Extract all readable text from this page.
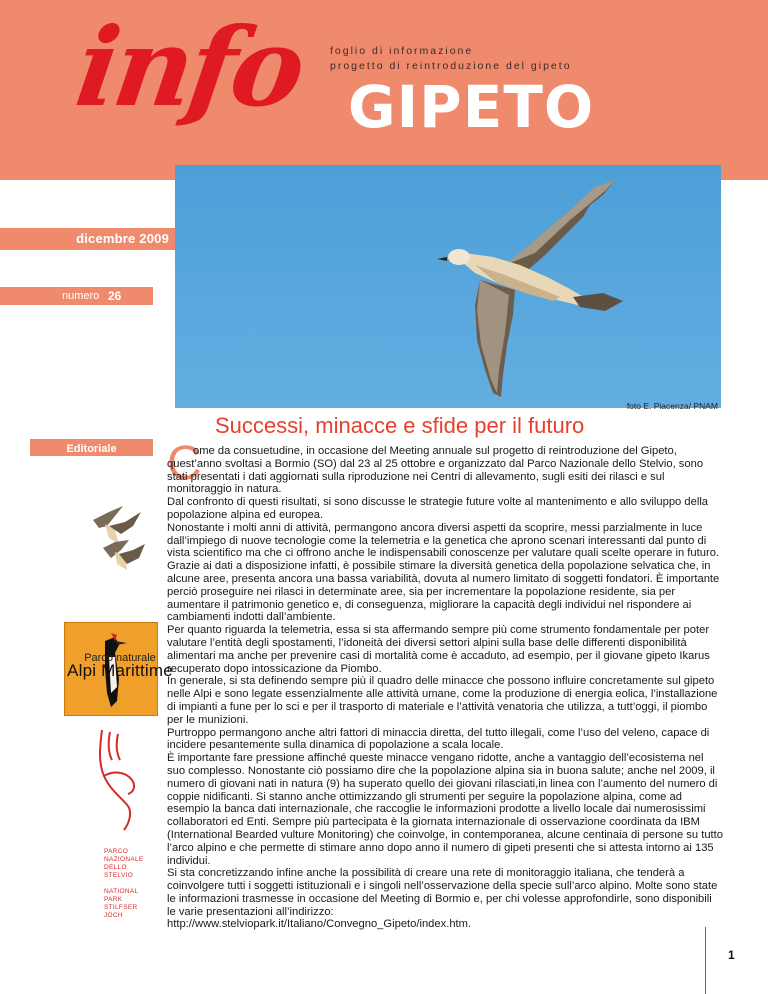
info foglio di informazione
progetto di reintroduzione del gipeto
GIPETO
foto E. Piacenza/ PNAM
dicembre 2009
numero 26
Successi, minacce e sfide per il futuro
Editoriale
Parco naturale
Alpi Marittime
PARCO
NAZIONALE
DELLO
STELVIO

NATIONAL
PARK
STILFSER
JOCH
C

ome da consuetudine, in occasione del Meeting annuale sul progetto di reintroduzione del Gipeto, quest’anno svoltasi a Bormio (SO) dal 23 al 25 ottobre e organizzato dal Parco Nazionale dello Stelvio, sono stati presentati i dati aggiornati sulla riproduzione nei Centri di allevamento, sugli esiti dei rilasci e sul monitoraggio in natura.

Dal confronto di questi risultati, si sono discusse le strategie future volte al mantenimento e allo sviluppo della popolazione alpina ed europea.

Nonostante i molti anni di attività, permangono ancora diversi aspetti da scoprire, messi parzialmente in luce dall’impiego di nuove tecnologie come la telemetria e la genetica che aprono scenari interessanti dal punto di vista scientifico ma che ci offrono anche le indispensabili conoscenze per valutare quali scelte operare in futuro. Grazie ai dati a disposizione infatti, è possibile stimare la diversità genetica della popolazione selvatica che, in alcune aree, presenta ancora una bassa variabilità, dovuta al numero limitato di soggetti fondatori. È importante perciò proseguire nei rilasci in determinate aree, sia per incrementare la popolazione residente, sia per aumentare il patrimonio genetico e, di conseguenza, migliorare la capacità degli individui nel rispondere ai cambiamenti indotti dall’ambiente.

Per quanto riguarda la telemetria, essa si sta affermando sempre più come strumento fondamentale per poter valutare l’entità degli spostamenti, l’idoneità dei diversi settori alpini sulla base delle differenti disponibilità alimentari ma anche per prevenire casi di mortalità come è accaduto, ad esempio, per il giovane gipeto Ikarus recuperato dopo intossicazione da Piombo.

In generale, si sta definendo sempre più il quadro delle minacce che possono influire concretamente sul gipeto nelle Alpi e sono legate essenzialmente alle attività umane, come la produzione di energia eolica, l’installazione di impianti a fune per lo sci e per il trasporto di materiale e l’attività venatoria che utilizza, a tutt’oggi, il piombo per le munizioni.

Purtroppo permangono anche altri fattori di minaccia diretta, del tutto illegali, come l’uso del veleno, capace di incidere pesantemente sulla dinamica di popolazione a scala locale.

È importante fare pressione affinché queste minacce vengano ridotte, anche a vantaggio dell’ecosistema nel suo complesso. Nonostante ciò possiamo dire che la popolazione alpina sia in buona salute; anche nel 2009, il numero di giovani nati in natura (9) ha superato quello dei giovani rilasciati,in linea con l’aumento del numero di coppie nidificanti. Si stanno anche ottimizzando gli strumenti per seguire la popolazione alpina, come ad esempio la banca dati internazionale, che raccoglie le informazioni prodotte a livello locale dai numerosissimi collaboratori ed Enti. Sempre più partecipata è la giornata internazionale di osservazione coordinata da IBM (International Bearded vulture Monitoring) che coinvolge, in contemporanea, alcune centinaia di persone su tutto l’arco alpino e che permette di stimare anno dopo anno il numero di gipeti presenti che si attesta intorno ai 135 individui.

Si sta concretizzando infine anche la possibilità di creare una rete di monitoraggio italiana, che tenderà a coinvolgere tutti i soggetti istituzionali e i singoli nell’osservazione della specie sull’arco alpino. Molte sono state le informazioni trasmesse in occasione del Meeting di Bormio e, per chi volesse approfondirle, sono disponibili le varie presentazioni all’indirizzo:

http://www.stelviopark.it/Italiano/Convegno_Gipeto/index.htm.

1
